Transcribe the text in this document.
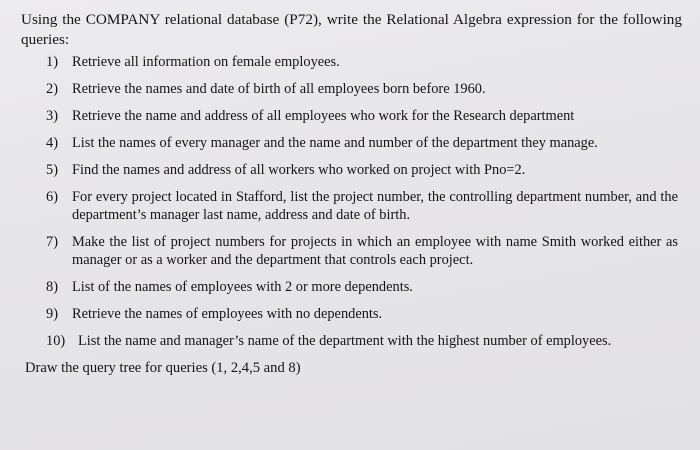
Using the COMPANY relational database (P72), write the Relational Algebra expression for the following queries:

1) Retrieve all information on female employees.
2) Retrieve the names and date of birth of all employees born before 1960.
3) Retrieve the name and address of all employees who work for the Research department
4) List the names of every manager and the name and number of the department they manage.
5) Find the names and address of all workers who worked on project with Pno=2.
6) For every project located in Stafford, list the project number, the controlling department number, and the department’s manager last name, address and date of birth.
7) Make the list of project numbers for projects in which an employee with name Smith worked either as manager or as a worker and the department that controls each project.
8) List of the names of employees with 2 or more dependents.
9) Retrieve the names of employees with no dependents.
10) List the name and manager’s name of the department with the highest number of employees.

Draw the query tree for queries (1, 2,4,5 and 8)
